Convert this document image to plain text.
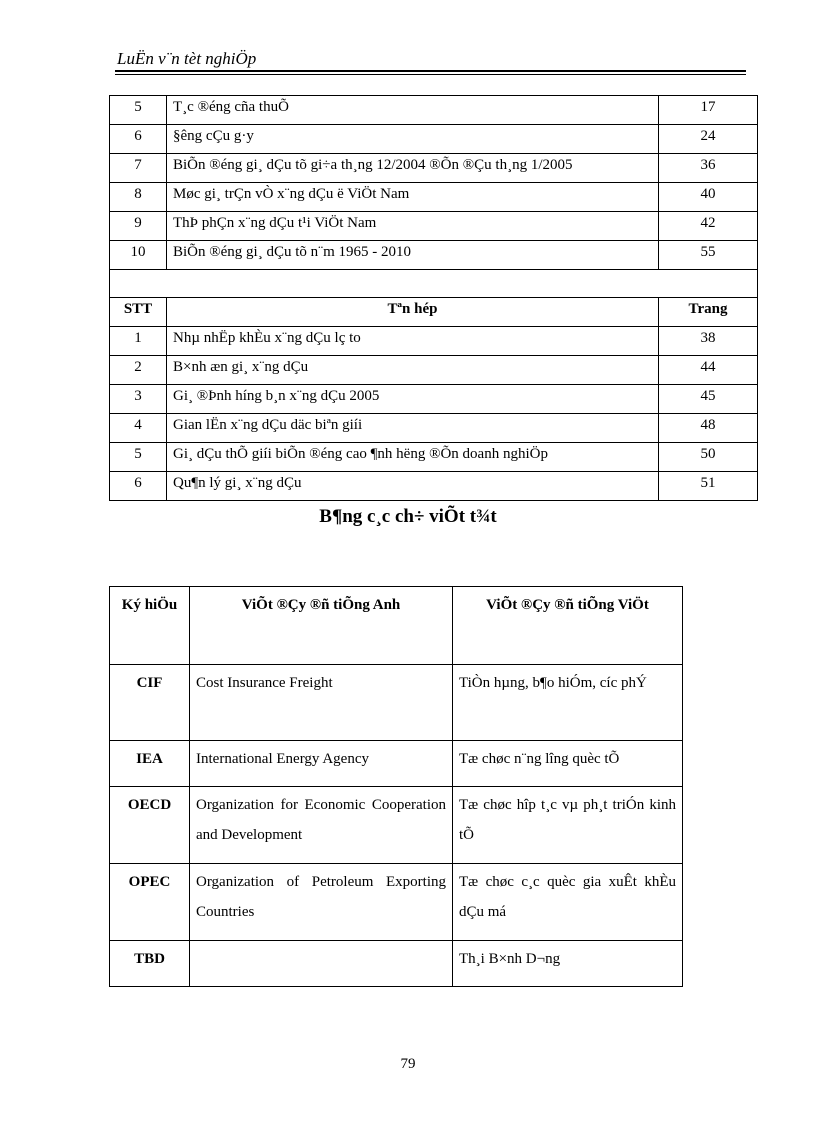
LuËn v¨n tèt nghiÖp
5	T¸c ®éng cña thuÕ	17
6	§êng cÇu g·y	24
7	BiÕn ®éng gi¸ dÇu tõ gi÷a th¸ng 12/2004 ®Õn ®Çu th¸ng 1/2005	36
8	Møc gi¸ trÇn vÒ x¨ng dÇu ë ViÖt Nam	40
9	ThÞ phÇn x¨ng dÇu t¹i ViÖt Nam	42
10	BiÕn ®éng gi¸ dÇu tõ n¨m 1965 - 2010	55

STT	Tªn hép	Trang
1	Nhµ nhËp khÈu x¨ng dÇu lç to	38
2	B×nh æn gi¸ x¨ng dÇu	44
3	Gi¸ ®Þnh híng b¸n x¨ng dÇu 2005	45
4	Gian lËn x¨ng dÇu däc biªn giíi	48
5	Gi¸ dÇu thÕ giíi biÕn ®éng cao ¶nh hëng ®Õn doanh nghiÖp	50
6	Qu¶n lý gi¸ x¨ng dÇu	51
B¶ng c¸c ch÷ viÕt t¾t
Ký hiÖu	ViÕt ®Çy ®ñ tiÕng Anh	ViÕt ®Çy ®ñ tiÕng ViÖt
CIF	Cost Insurance Freight	TiÒn hµng, b¶o hiÓm, cíc phÝ
IEA	International Energy Agency	Tæ chøc n¨ng lîng quèc tÕ
OECD	Organization for Economic Cooperation and Development	Tæ chøc hîp t¸c vµ ph¸t triÓn kinh tÕ
OPEC	Organization of Petroleum Exporting Countries	Tæ chøc c¸c quèc gia xuÊt khÈu dÇu má
TBD		Th¸i B×nh D¬ng
79
